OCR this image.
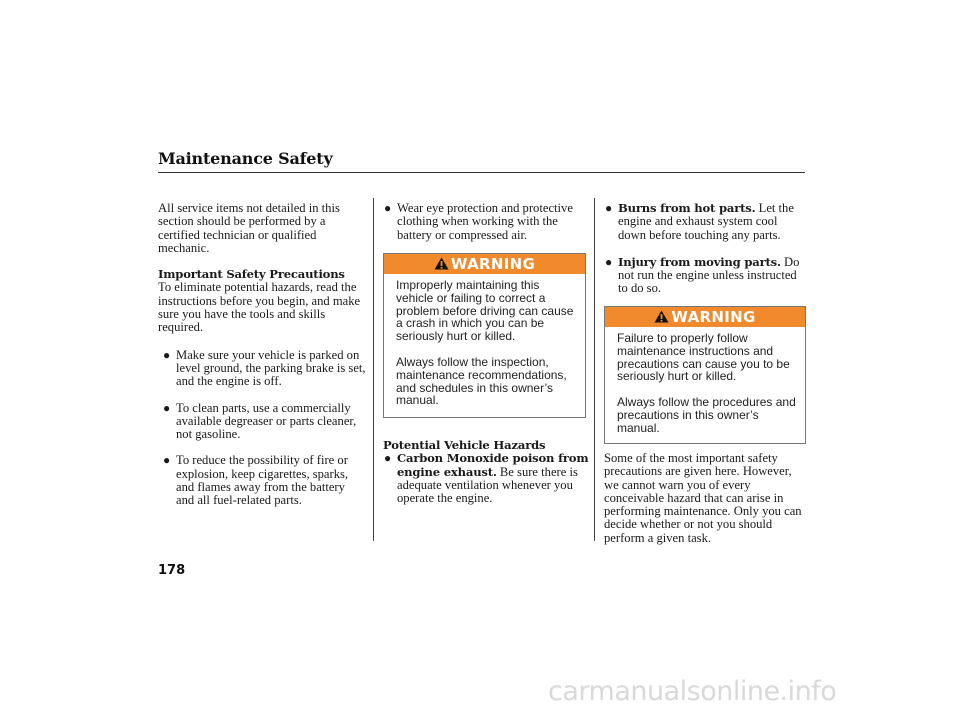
Maintenance Safety

All service items not detailed in this section should be performed by a certified technician or qualified mechanic.

Important Safety Precautions

To eliminate potential hazards, read the instructions before you begin, and make sure you have the tools and skills required.

● Make sure your vehicle is parked on level ground, the parking brake is set, and the engine is off.
● To clean parts, use a commercially available degreaser or parts cleaner, not gasoline.
● To reduce the possibility of fire or explosion, keep cigarettes, sparks, and flames away from the battery and all fuel-related parts.
● Wear eye protection and protective clothing when working with the battery or compressed air.
WARNING

Improperly maintaining this vehicle or failing to correct a problem before driving can cause a crash in which you can be seriously hurt or killed.

Always follow the inspection, maintenance recommendations, and schedules in this owner’s manual.

Potential Vehicle Hazards
● Carbon Monoxide poison from engine exhaust. Be sure there is adequate ventilation whenever you operate the engine.
● Burns from hot parts. Let the engine and exhaust system cool down before touching any parts.
● Injury from moving parts. Do not run the engine unless instructed to do so.
WARNING

Failure to properly follow maintenance instructions and precautions can cause you to be seriously hurt or killed.

Always follow the procedures and precautions in this owner’s manual.

Some of the most important safety precautions are given here. However, we cannot warn you of every conceivable hazard that can arise in performing maintenance. Only you can decide whether or not you should perform a given task.

178
carmanualsonline.info
